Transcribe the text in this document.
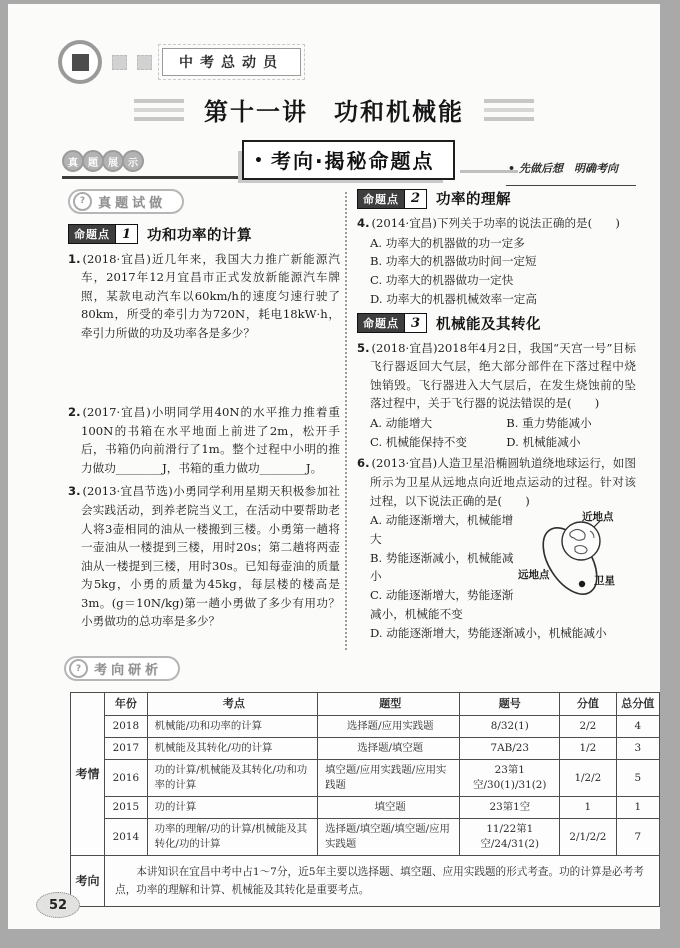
中考总动员
第十一讲　功和机械能
真	题	展	示	• 考向·揭秘命题点	• 先做后想　明确考向
? 真题试做
命题点 1	功和功率的计算
1. (2018·宜昌)近几年来，我国大力推广新能源汽车，2017年12月宜昌市正式发放新能源汽车牌照，某款电动汽车以60km/h的速度匀速行驶了80km，所受的牵引力为720N，耗电18kW·h，牵引力所做的功及功率各是多少？
2. (2017·宜昌)小明同学用40N的水平推力推着重100N的书箱在水平地面上前进了2m，松开手后，书箱仍向前滑行了1m。整个过程中小明的推力做功________J，书箱的重力做功________J。
3. (2013·宜昌节选)小勇同学利用星期天积极参加社会实践活动，到养老院当义工，在活动中要帮助老人将3壶相同的油从一楼搬到三楼。小勇第一趟将一壶油从一楼提到三楼，用时20s；第二趟将两壶油从一楼提到三楼，用时30s。已知每壶油的质量为5kg，小勇的质量为45kg，每层楼的楼高是3m。(g＝10N/kg)第一趟小勇做了多少有用功？小勇做功的总功率是多少？
命题点 2	功率的理解
4. (2014·宜昌)下列关于功率的说法正确的是(　　)
A. 功率大的机器做的功一定多
B. 功率大的机器做功时间一定短
C. 功率大的机器做功一定快
D. 功率大的机器机械效率一定高
命题点 3	机械能及其转化
5. (2018·宜昌)2018年4月2日，我国“天宫一号”目标飞行器返回大气层，绝大部分部件在下落过程中烧蚀销毁。飞行器进入大气层后，在发生烧蚀前的坠落过程中，关于飞行器的说法错误的是(　　)
A. 动能增大	B. 重力势能减小
C. 机械能保持不变	D. 机械能减小
6. (2013·宜昌)人造卫星沿椭圆轨道绕地球运行，如图所示为卫星从远地点向近地点运动的过程。针对该过程，以下说法正确的是(　　)
近地点
远地点	卫星
A. 动能逐渐增大，机械能增大
B. 势能逐渐减小，机械能减小
C. 动能逐渐增大，势能逐渐减小，机械能不变
D. 动能逐渐增大，势能逐渐减小，机械能减小
? 考向研析
考情	年份	考点	题型	题号	分值	总分值
	2018	机械能/功和功率的计算	选择题/应用实践题	8/32(1)	2/2	4
	2017	机械能及其转化/功的计算	选择题/填空题	7AB/23	1/2	3
	2016	功的计算/机械能及其转化/功和功率的计算	填空题/应用实践题/应用实践题	23第1空/30(1)/31(2)	1/2/2	5
	2015	功的计算	填空题	23第1空	1	1
	2014	功率的理解/功的计算/机械能及其转化/功的计算	选择题/填空题/填空题/应用实践题	11/22第1空/24/31(2)	2/1/2/2	7
考向	本讲知识在宜昌中考中占1～7分，近5年主要以选择题、填空题、应用实践题的形式考查。功的计算是必考考点，功率的理解和计算、机械能及其转化是重要考点。					
52
